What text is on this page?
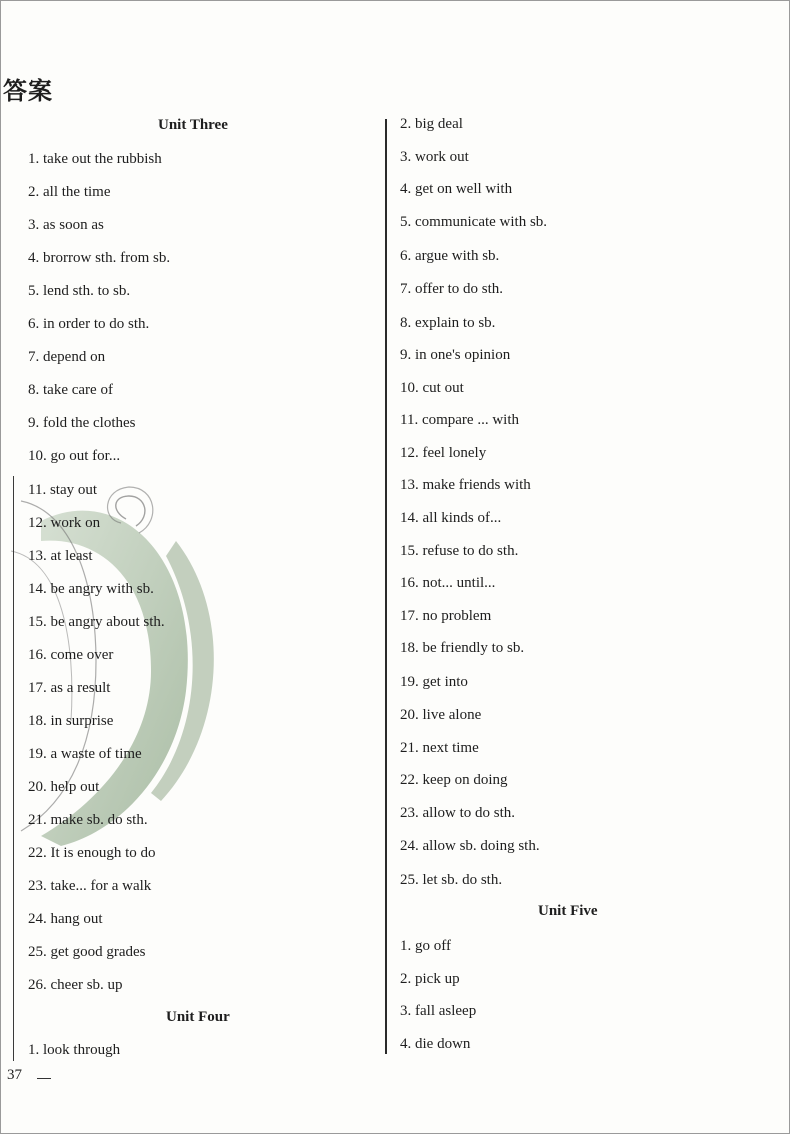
答案
Unit Three
1. take out the rubbish
2. all the time
3. as soon as
4. brorrow sth. from sb.
5. lend sth. to sb.
6. in order to do sth.
7. depend on
8. take care of
9. fold the clothes
10. go out for...
11. stay out
12. work on
13. at least
14. be angry with sb.
15. be angry about sth.
16. come over
17. as a result
18. in surprise
19. a waste of time
20. help out
21. make sb. do sth.
22. It is enough to do
23. take... for a walk
24. hang out
25. get good grades
26. cheer sb. up
Unit Four
1. look through
2. big deal
3. work out
4. get on well with
5. communicate with sb.
6. argue with sb.
7. offer to do sth.
8. explain to sb.
9. in one's opinion
10. cut out
11. compare ... with
12. feel lonely
13. make friends with
14. all kinds of...
15. refuse to do sth.
16. not... until...
17. no problem
18. be friendly to sb.
19. get into
20. live alone
21. next time
22. keep on doing
23. allow to do sth.
24. allow sb. doing sth.
25. let sb. do sth.
Unit Five
1. go off
2. pick up
3. fall asleep
4. die down
37
